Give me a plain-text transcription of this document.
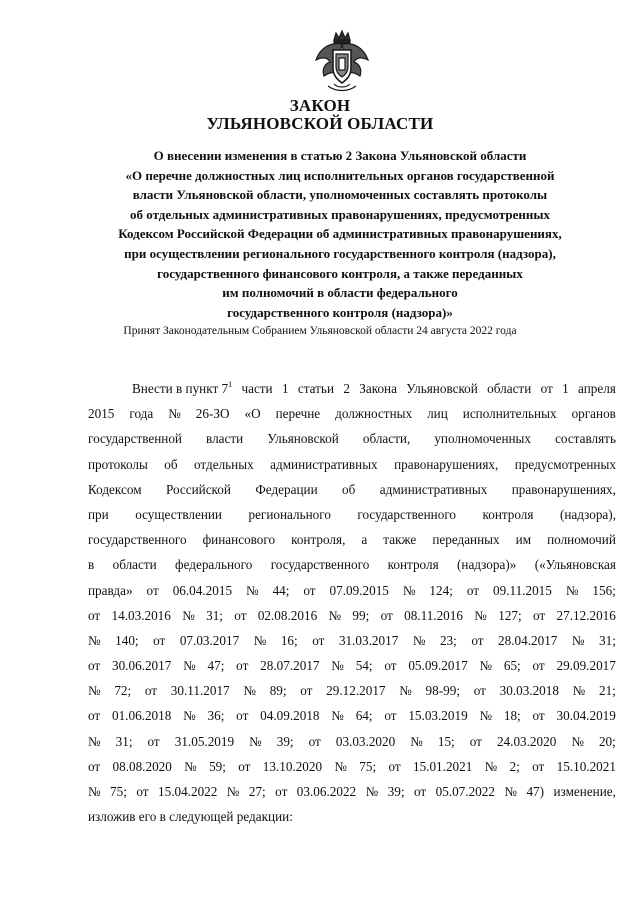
ЗАКОН
УЛЬЯНОВСКОЙ ОБЛАСТИ
О внесении изменения в статью 2 Закона Ульяновской области
«О перечне должностных лиц исполнительных органов государственной
власти Ульяновской области, уполномоченных составлять протоколы
об отдельных административных правонарушениях, предусмотренных
Кодексом Российской Федерации об административных правонарушениях,
при осуществлении регионального государственного контроля (надзора),
государственного финансового контроля, а также переданных
им полномочий в области федерального
государственного контроля (надзора)»
Принят Законодательным Собранием Ульяновской области 24 августа 2022 года
Внести в пункт $7^1$ части 1 статьи 2 Закона Ульяновской области от 1 апреля
2015 года № 26-ЗО «О перечне должностных лиц исполнительных органов
государственной власти Ульяновской области, уполномоченных составлять
протоколы об отдельных административных правонарушениях, предусмотренных
Кодексом Российской Федерации об административных правонарушениях,
при осуществлении регионального государственного контроля (надзора),
государственного финансового контроля, а также переданных им полномочий
в области федерального государственного контроля (надзора)» («Ульяновская
правда» от 06.04.2015 № 44; от 07.09.2015 № 124; от 09.11.2015 № 156;
от 14.03.2016 № 31; от 02.08.2016 № 99; от 08.11.2016 № 127; от 27.12.2016
№ 140; от 07.03.2017 № 16; от 31.03.2017 № 23; от 28.04.2017 № 31;
от 30.06.2017 № 47; от 28.07.2017 № 54; от 05.09.2017 № 65; от 29.09.2017
№ 72; от 30.11.2017 № 89; от 29.12.2017 № 98-99; от 30.03.2018 № 21;
от 01.06.2018 № 36; от 04.09.2018 № 64; от 15.03.2019 № 18; от 30.04.2019
№ 31; от 31.05.2019 № 39; от 03.03.2020 № 15; от 24.03.2020 № 20;
от 08.08.2020 № 59; от 13.10.2020 № 75; от 15.01.2021 № 2; от 15.10.2021
№ 75; от 15.04.2022 № 27; от 03.06.2022 № 39; от 05.07.2022 № 47) изменение,
изложив его в следующей редакции:
